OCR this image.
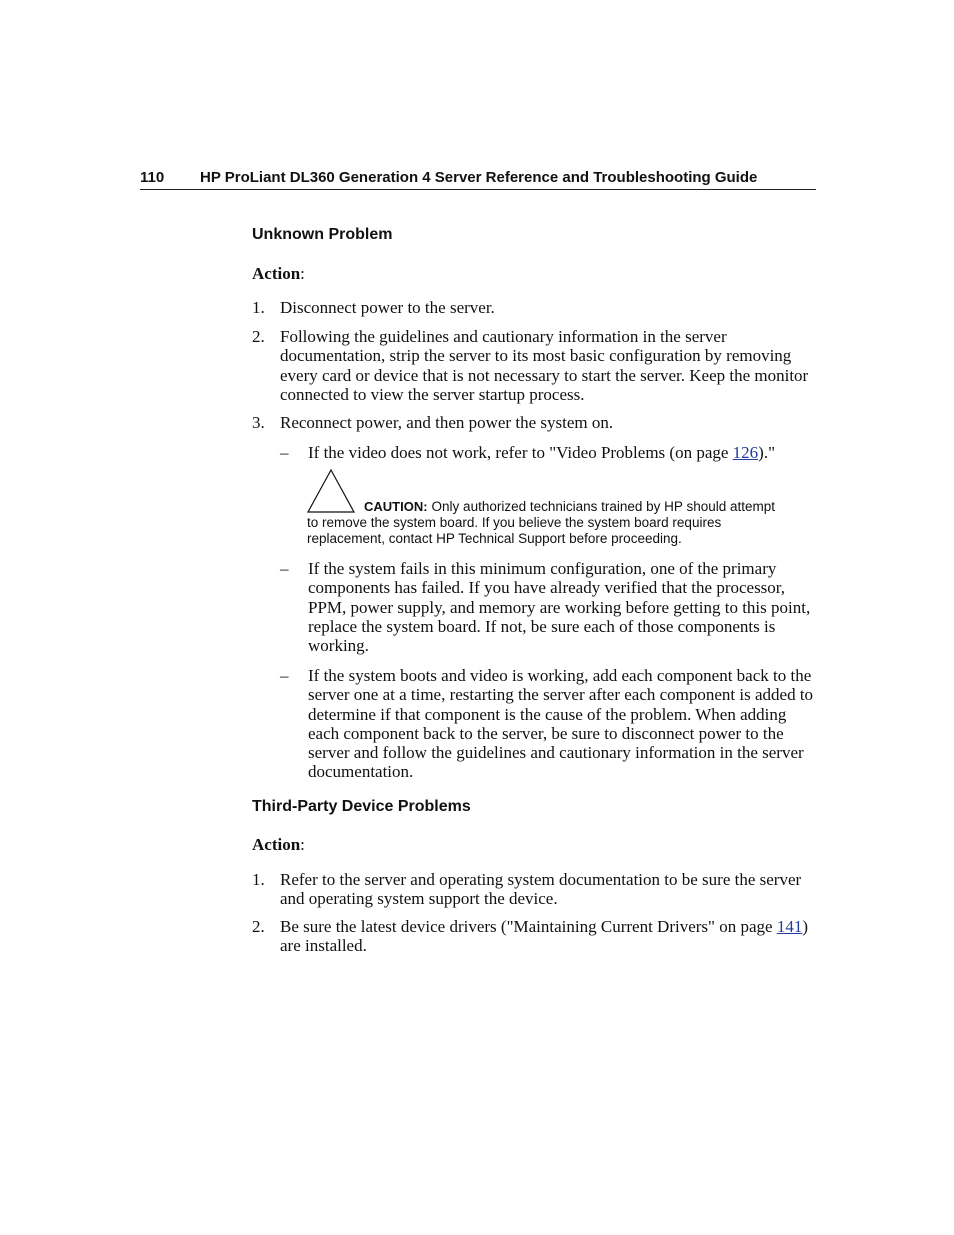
110 HP ProLiant DL360 Generation 4 Server Reference and Troubleshooting Guide
Unknown Problem
Action:
1. Disconnect power to the server.
2. Following the guidelines and cautionary information in the server documentation, strip the server to its most basic configuration by removing every card or device that is not necessary to start the server. Keep the monitor connected to view the server startup process.
3. Reconnect power, and then power the system on.
– If the video does not work, refer to "Video Problems (on page 126)."
CAUTION: Only authorized technicians trained by HP should attempt to remove the system board. If you believe the system board requires replacement, contact HP Technical Support before proceeding.
– If the system fails in this minimum configuration, one of the primary components has failed. If you have already verified that the processor, PPM, power supply, and memory are working before getting to this point, replace the system board. If not, be sure each of those components is working.
– If the system boots and video is working, add each component back to the server one at a time, restarting the server after each component is added to determine if that component is the cause of the problem. When adding each component back to the server, be sure to disconnect power to the server and follow the guidelines and cautionary information in the server documentation.
Third-Party Device Problems
Action:
1. Refer to the server and operating system documentation to be sure the server and operating system support the device.
2. Be sure the latest device drivers ("Maintaining Current Drivers" on page 141) are installed.
